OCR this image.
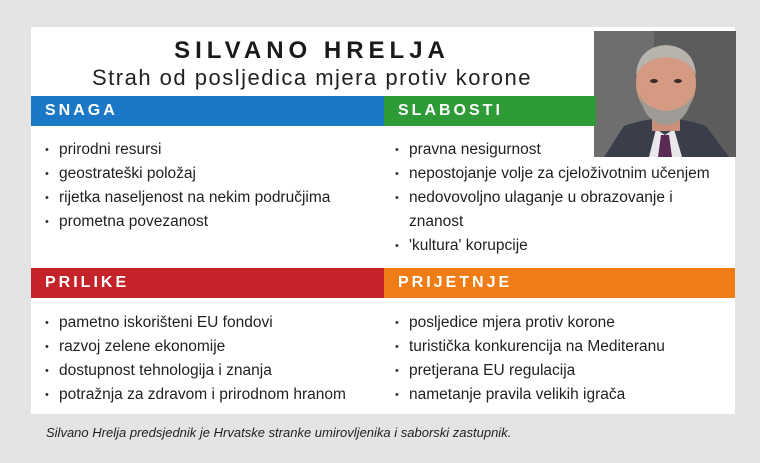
SILVANO HRELJA
Strah od posljedica mjera protiv korone
SNAGA	SLABOSTI
PRILIKE	PRIJETNJE
• prirodni resursi
• geostrateški položaj
• rijetka naseljenost na nekim područjima
• prometna povezanost
• pravna nesigurnost
• nepostojanje volje za cjeloživotnim učenjem
• nedovovoljno ulaganje u obrazovanje i znanost
• 'kultura' korupcije
• pametno iskorišteni EU fondovi
• razvoj zelene ekonomije
• dostupnost tehnologija i znanja
• potražnja za zdravom i prirodnom hranom
• posljedice mjera protiv korone
• turistička konkurencija na Mediteranu
• pretjerana EU regulacija
• nametanje pravila velikih igrača
Silvano Hrelja predsjednik je Hrvatske stranke umirovljenika i saborski zastupnik.
